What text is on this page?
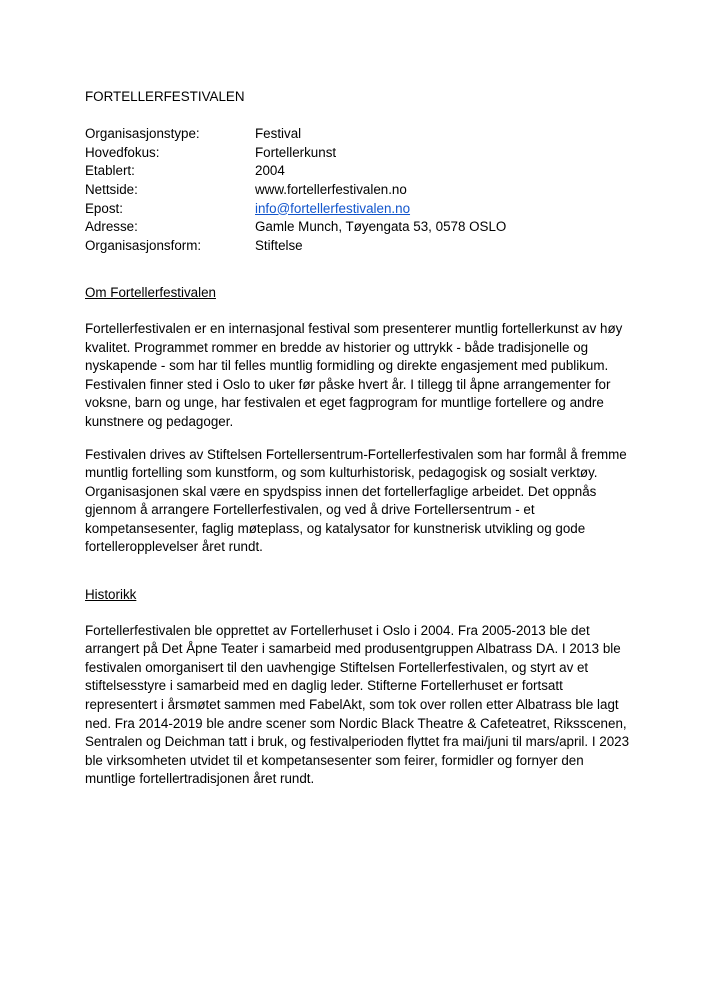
FORTELLERFESTIVALEN
Organisasjonstype:	Festival
Hovedfokus:	Fortellerkunst
Etablert:	2004
Nettside:	www.fortellerfestivalen.no
Epost:	info@fortellerfestivalen.no
Adresse:	Gamle Munch, Tøyengata 53, 0578 OSLO
Organisasjonsform:	Stiftelse
Om Fortellerfestivalen

Fortellerfestivalen er en internasjonal festival som presenterer muntlig fortellerkunst av høy kvalitet. Programmet rommer en bredde av historier og uttrykk - både tradisjonelle og nyskapende - som har til felles muntlig formidling og direkte engasjement med publikum. Festivalen finner sted i Oslo to uker før påske hvert år. I tillegg til åpne arrangementer for voksne, barn og unge, har festivalen et eget fagprogram for muntlige fortellere og andre kunstnere og pedagoger.

Festivalen drives av Stiftelsen Fortellersentrum-Fortellerfestivalen som har formål å fremme muntlig fortelling som kunstform, og som kulturhistorisk, pedagogisk og sosialt verktøy. Organisasjonen skal være en spydspiss innen det fortellerfaglige arbeidet. Det oppnås gjennom å arrangere Fortellerfestivalen, og ved å drive Fortellersentrum - et kompetansesenter, faglig møteplass, og katalysator for kunstnerisk utvikling og gode fortelleropplevelser året rundt.

Historikk

Fortellerfestivalen ble opprettet av Fortellerhuset i Oslo i 2004. Fra 2005-2013 ble det arrangert på Det Åpne Teater i samarbeid med produsentgruppen Albatrass DA. I 2013 ble festivalen omorganisert til den uavhengige Stiftelsen Fortellerfestivalen, og styrt av et stiftelsesstyre i samarbeid med en daglig leder. Stifterne Fortellerhuset er fortsatt representert i årsmøtet sammen med FabelAkt, som tok over rollen etter Albatrass ble lagt ned. Fra 2014-2019 ble andre scener som Nordic Black Theatre & Cafeteatret, Riksscenen, Sentralen og Deichman tatt i bruk, og festivalperioden flyttet fra mai/juni til mars/april. I 2023 ble virksomheten utvidet til et kompetansesenter som feirer, formidler og fornyer den muntlige fortellertradisjonen året rundt.
